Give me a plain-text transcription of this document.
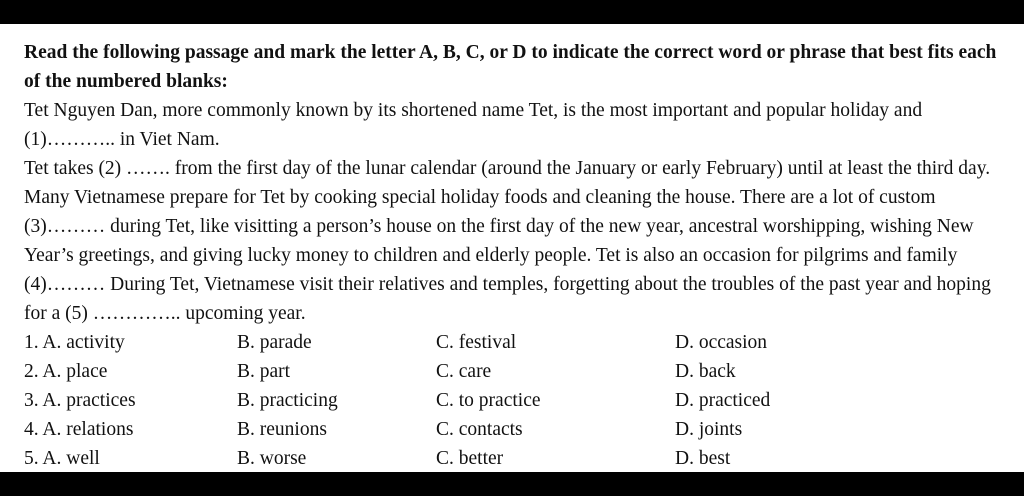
Read the following passage and mark the letter A, B, C, or D to indicate the correct word or phrase that best fits each of the numbered blanks:

Tet Nguyen Dan, more commonly known by its shortened name Tet, is the most important and popular holiday and (1)……….. in Viet Nam.

Tet takes (2) ……. from the first day of the lunar calendar (around the January or early February) until at least the third day. Many Vietnamese prepare for Tet by cooking special holiday foods and cleaning the house. There are a lot of custom (3)……… during Tet, like visitting a person’s house on the first day of the new year, ancestral worshipping, wishing New Year’s greetings, and giving lucky money to children and elderly people. Tet is also an occasion for pilgrims and family (4)……… During Tet, Vietnamese visit their relatives and temples, forgetting about the troubles of the past year and hoping for a (5) ………….. upcoming year.

1. A. activity	B. parade	C. festival	D. occasion
2. A. place	B. part	C. care	D. back
3. A. practices	B. practicing	C. to practice	D. practiced
4. A. relations	B. reunions	C. contacts	D. joints
5. A. well	B. worse	C. better	D. best
